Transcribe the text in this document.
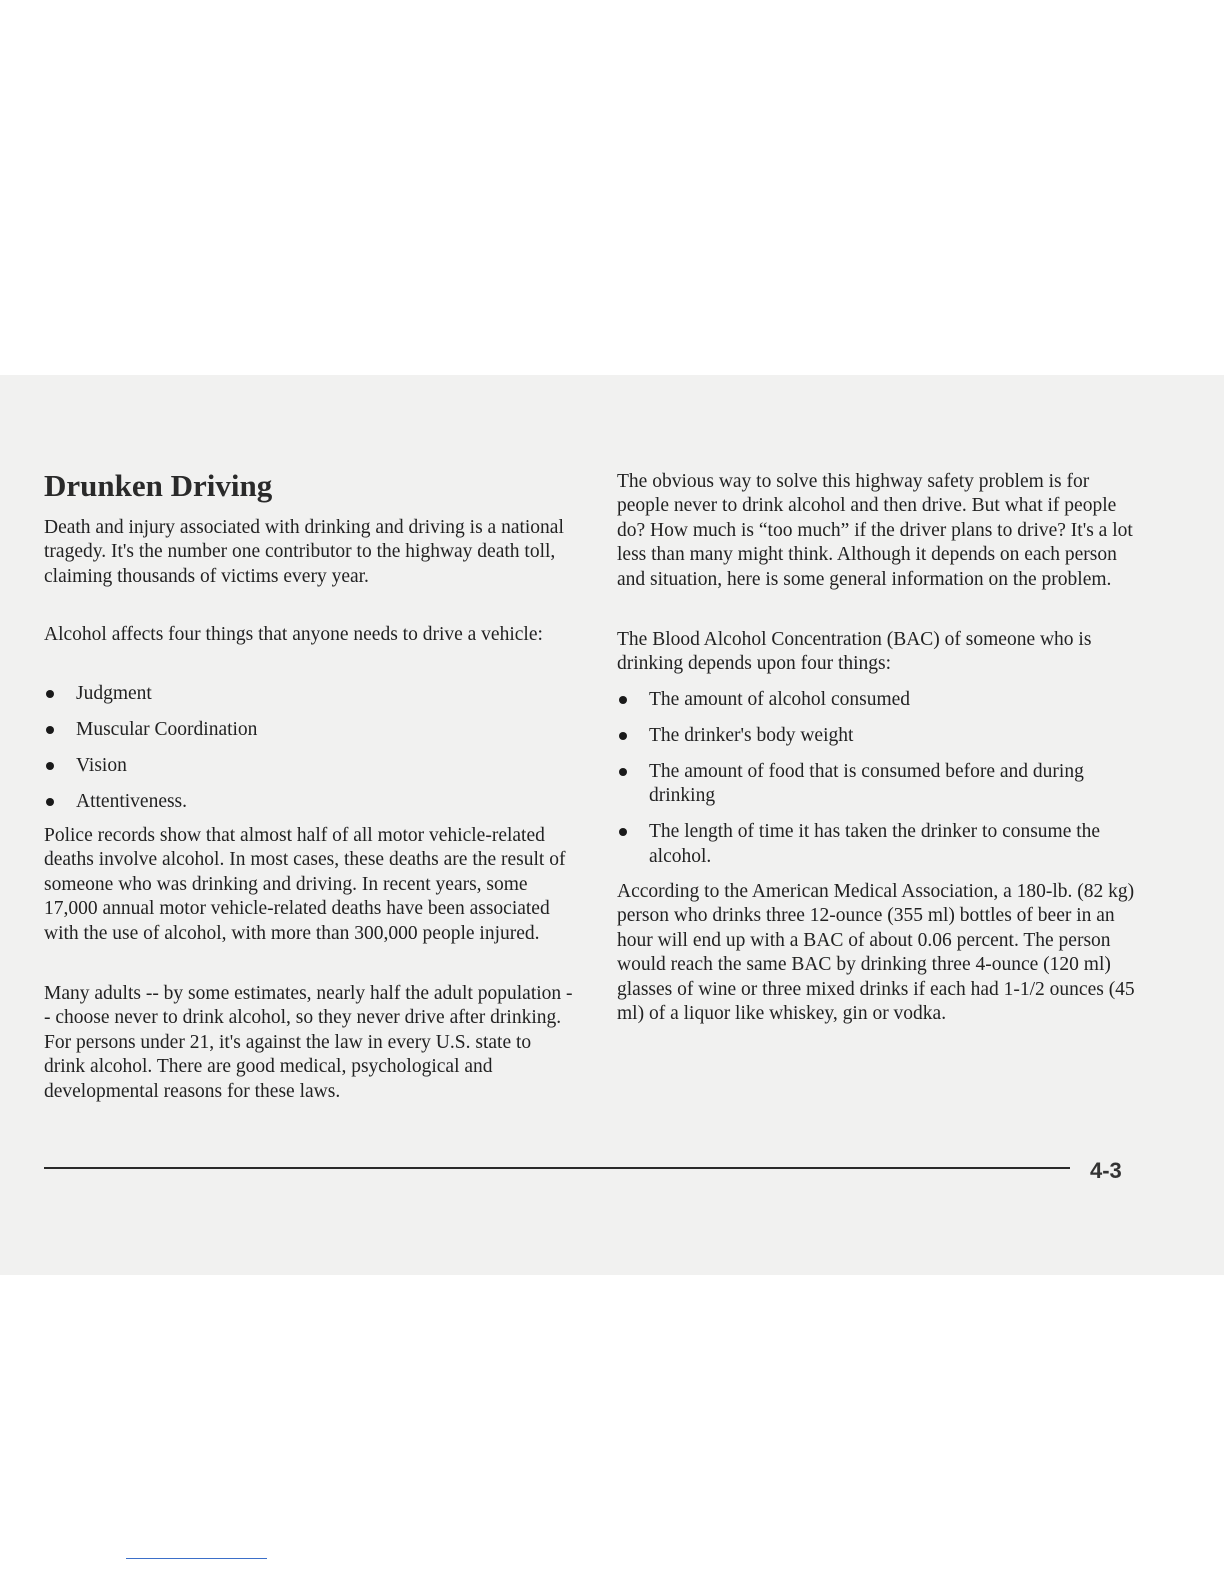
Drunken Driving

Death and injury associated with drinking and driving is a national tragedy. It's the number one contributor to the highway death toll, claiming thousands of victims every year.

Alcohol affects four things that anyone needs to drive a vehicle:

Judgment
Muscular Coordination
Vision
Attentiveness.

Police records show that almost half of all motor vehicle-related deaths involve alcohol. In most cases, these deaths are the result of someone who was drinking and driving. In recent years, some 17,000 annual motor vehicle-related deaths have been associated with the use of alcohol, with more than 300,000 people injured.

Many adults -- by some estimates, nearly half the adult population -- choose never to drink alcohol, so they never drive after drinking. For persons under 21, it's against the law in every U.S. state to drink alcohol. There are good medical, psychological and developmental reasons for these laws.

The obvious way to solve this highway safety problem is for people never to drink alcohol and then drive. But what if people do? How much is “too much” if the driver plans to drive? It's a lot less than many might think. Although it depends on each person and situation, here is some general information on the problem.

The Blood Alcohol Concentration (BAC) of someone who is drinking depends upon four things:

The amount of alcohol consumed
The drinker's body weight
The amount of food that is consumed before and during drinking
The length of time it has taken the drinker to consume the alcohol.

According to the American Medical Association, a 180-lb. (82 kg) person who drinks three 12-ounce (355 ml) bottles of beer in an hour will end up with a BAC of about 0.06 percent. The person would reach the same BAC by drinking three 4-ounce (120 ml) glasses of wine or three mixed drinks if each had 1-1/2 ounces (45 ml) of a liquor like whiskey, gin or vodka.

4-3
